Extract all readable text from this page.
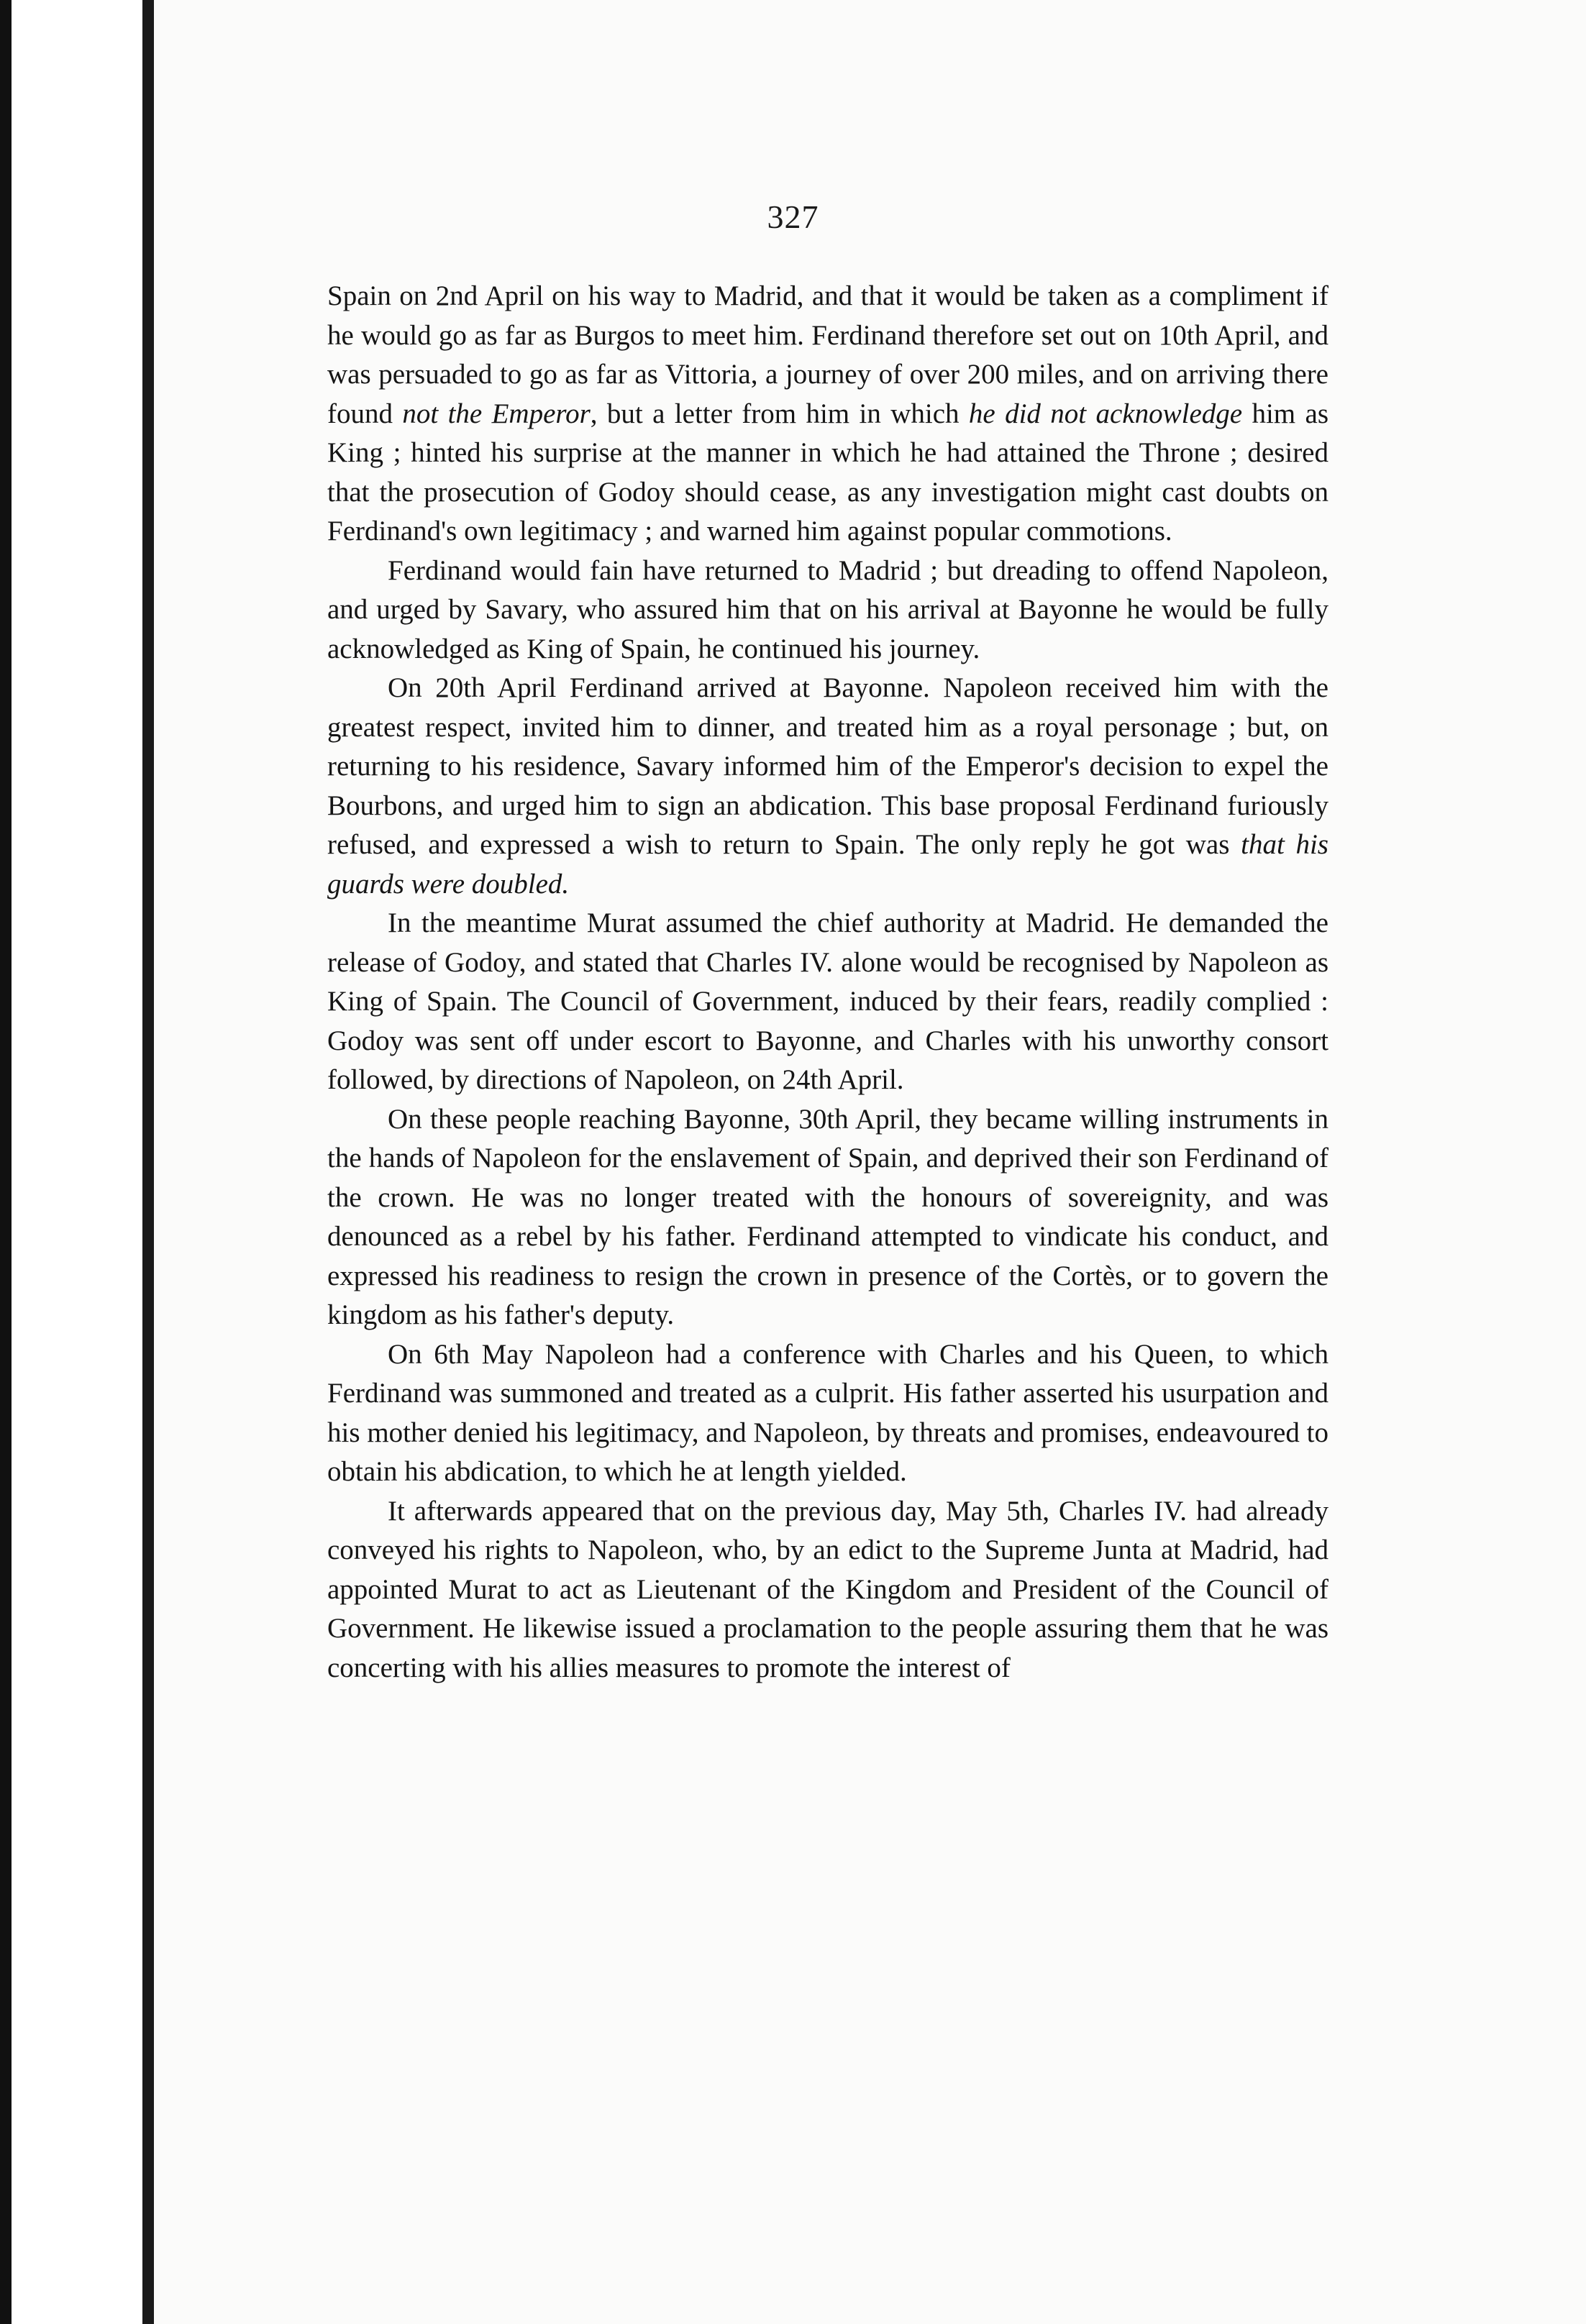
327

Spain on 2nd April on his way to Madrid, and that it would be taken as a compliment if he would go as far as Burgos to meet him. Ferdinand therefore set out on 10th April, and was persuaded to go as far as Vittoria, a journey of over 200 miles, and on arriving there found not the Emperor, but a letter from him in which he did not acknowledge him as King ; hinted his surprise at the manner in which he had attained the Throne ; desired that the prosecution of Godoy should cease, as any investigation might cast doubts on Ferdinand's own legitimacy ; and warned him against popular commotions.

Ferdinand would fain have returned to Madrid ; but dreading to offend Napoleon, and urged by Savary, who assured him that on his arrival at Bayonne he would be fully acknowledged as King of Spain, he continued his journey.

On 20th April Ferdinand arrived at Bayonne. Napoleon received him with the greatest respect, invited him to dinner, and treated him as a royal personage ; but, on returning to his residence, Savary informed him of the Emperor's decision to expel the Bourbons, and urged him to sign an abdication. This base proposal Ferdinand furiously refused, and expressed a wish to return to Spain. The only reply he got was that his guards were doubled.

In the meantime Murat assumed the chief authority at Madrid. He demanded the release of Godoy, and stated that Charles IV. alone would be recognised by Napoleon as King of Spain. The Council of Government, induced by their fears, readily complied : Godoy was sent off under escort to Bayonne, and Charles with his unworthy consort followed, by directions of Napoleon, on 24th April.

On these people reaching Bayonne, 30th April, they became willing instruments in the hands of Napoleon for the enslavement of Spain, and deprived their son Ferdinand of the crown. He was no longer treated with the honours of sovereignity, and was denounced as a rebel by his father. Ferdinand attempted to vindicate his conduct, and expressed his readiness to resign the crown in presence of the Cortès, or to govern the kingdom as his father's deputy.

On 6th May Napoleon had a conference with Charles and his Queen, to which Ferdinand was summoned and treated as a culprit. His father asserted his usurpation and his mother denied his legitimacy, and Napoleon, by threats and promises, endeavoured to obtain his abdication, to which he at length yielded.

It afterwards appeared that on the previous day, May 5th, Charles IV. had already conveyed his rights to Napoleon, who, by an edict to the Supreme Junta at Madrid, had appointed Murat to act as Lieutenant of the Kingdom and President of the Council of Government. He likewise issued a proclamation to the people assuring them that he was concerting with his allies measures to promote the interest of
